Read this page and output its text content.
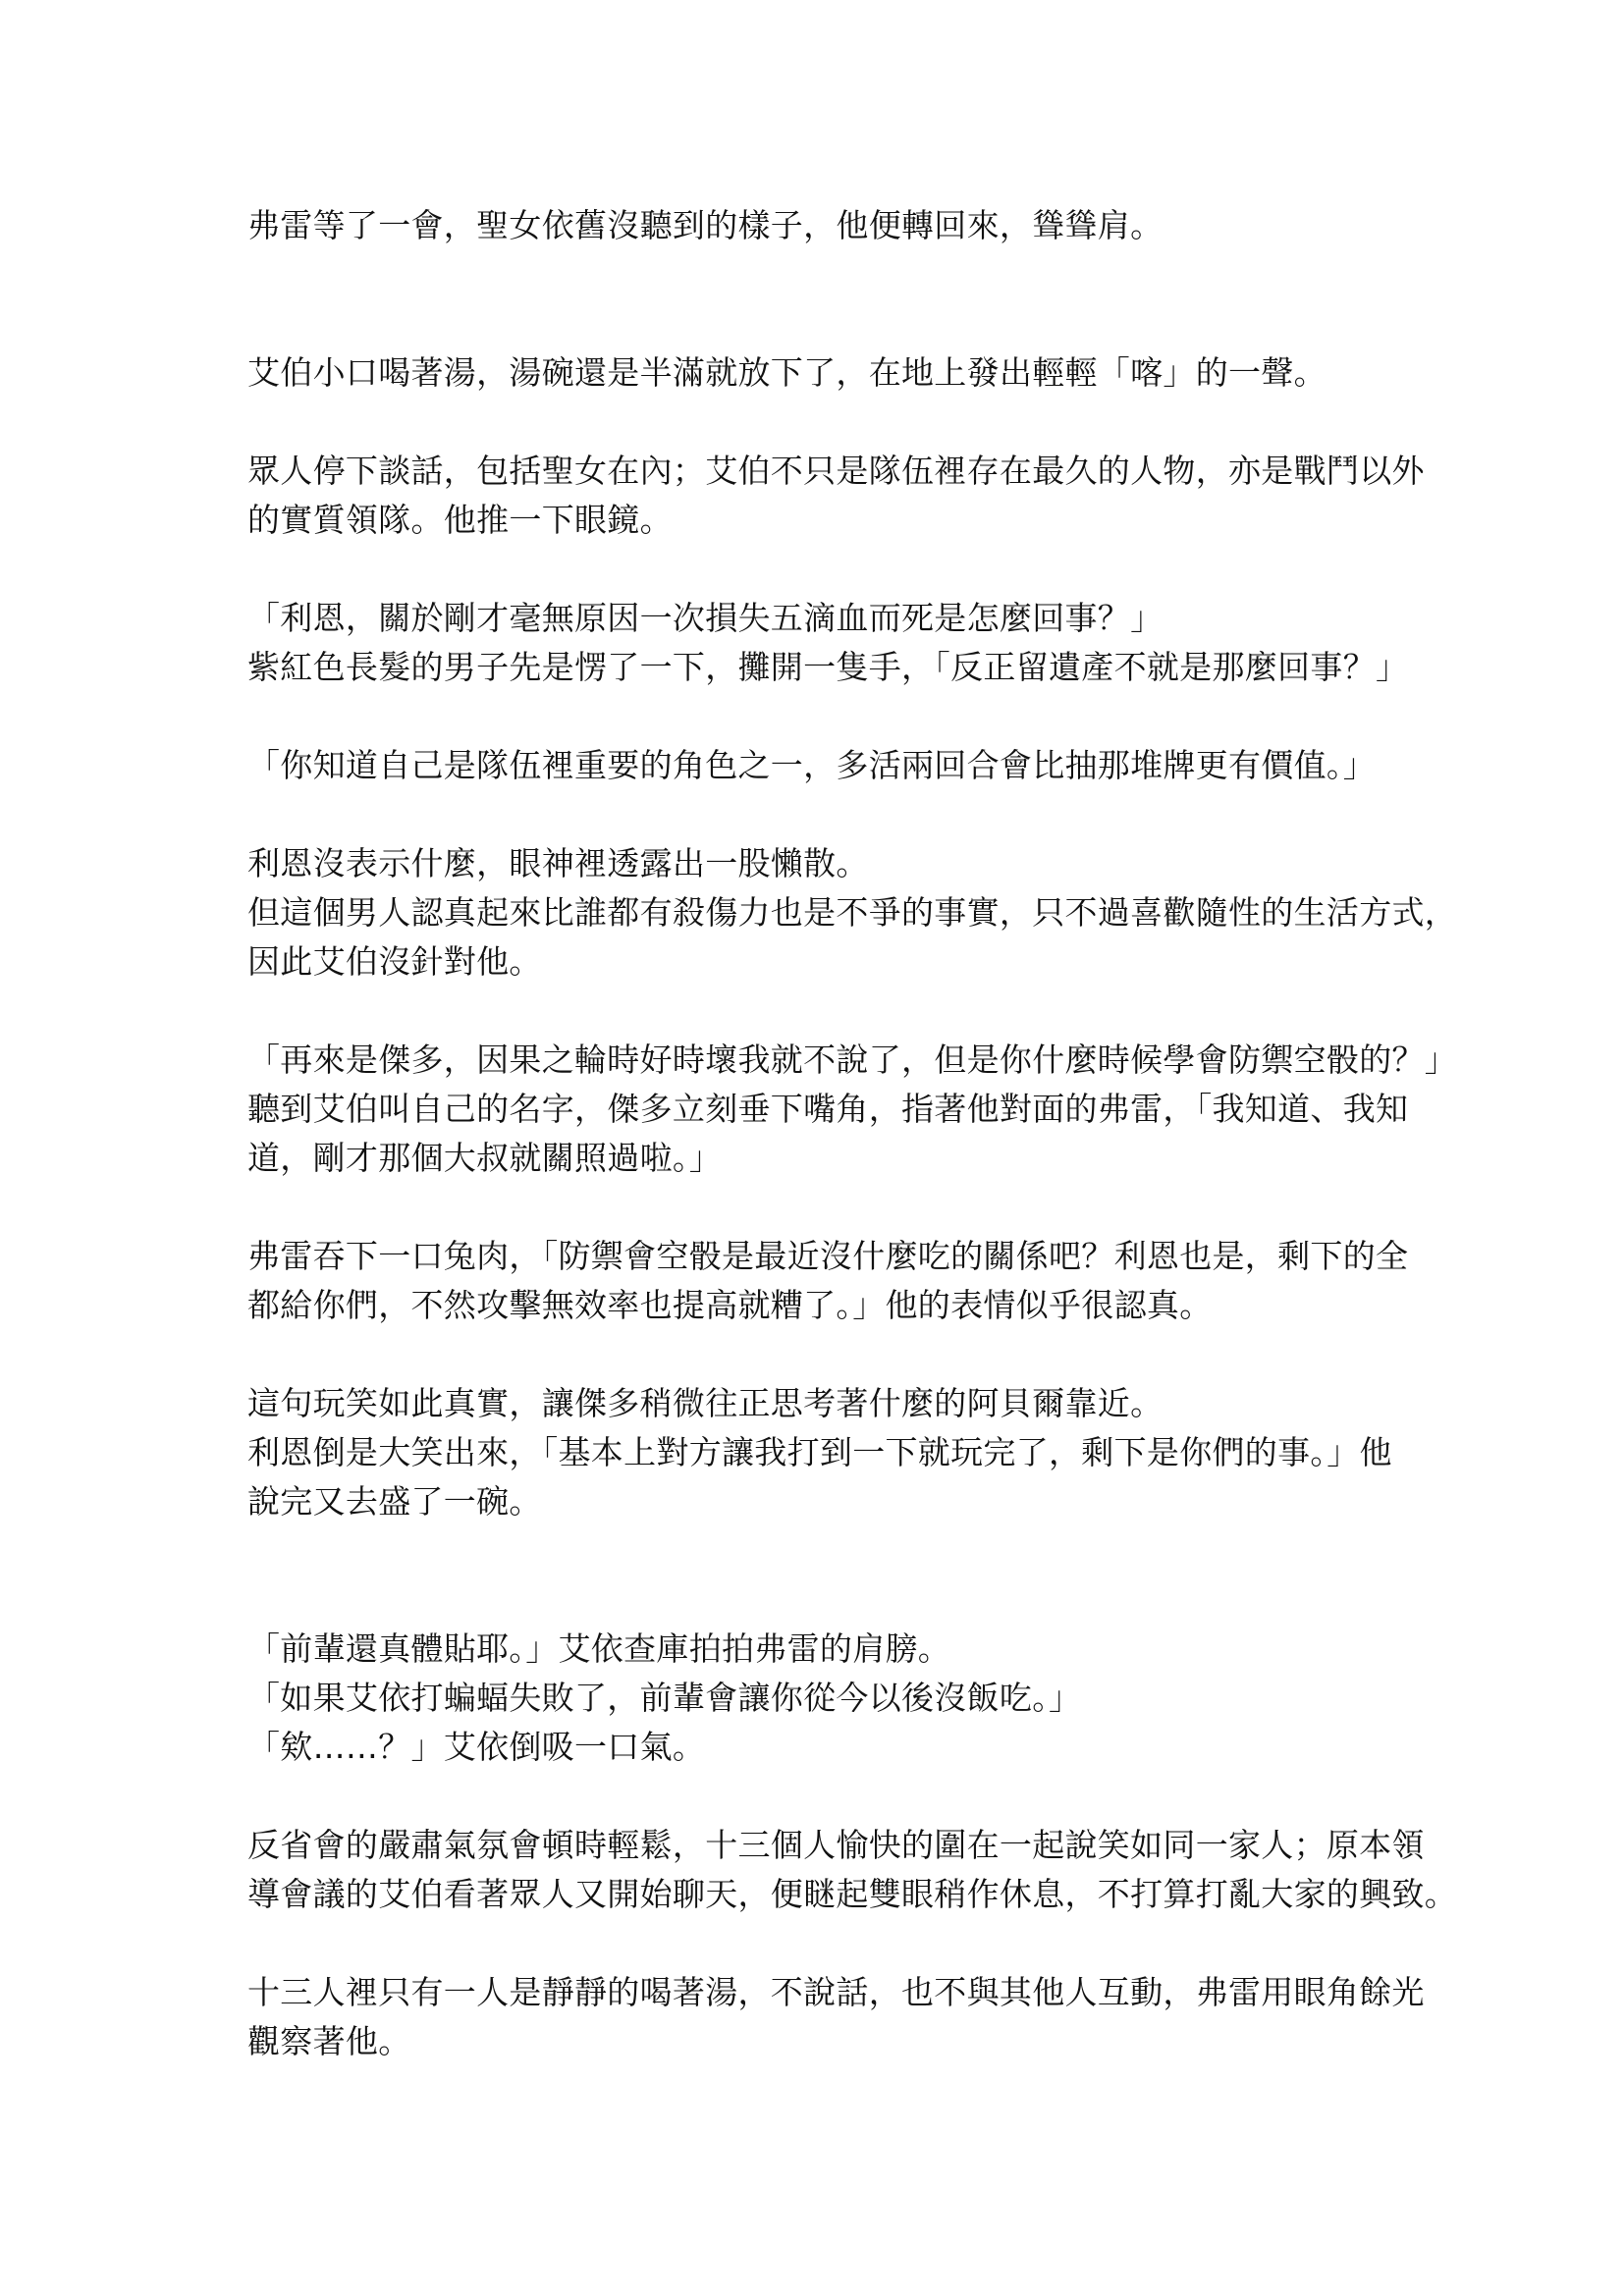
弗雷等了一會，聖女依舊沒聽到的樣子，他便轉回來，聳聳肩。

艾伯小口喝著湯，湯碗還是半滿就放下了，在地上發出輕輕「喀」的一聲。

眾人停下談話，包括聖女在內；艾伯不只是隊伍裡存在最久的人物，亦是戰鬥以外

的實質領隊。他推一下眼鏡。

「利恩，關於剛才毫無原因一次損失五滴血而死是怎麼回事？」

紫紅色長髮的男子先是愣了一下，攤開一隻手，「反正留遺產不就是那麼回事？」

「你知道自己是隊伍裡重要的角色之一，多活兩回合會比抽那堆牌更有價值。」

利恩沒表示什麼，眼神裡透露出一股懶散。

但這個男人認真起來比誰都有殺傷力也是不爭的事實，只不過喜歡隨性的生活方式，

因此艾伯沒針對他。

「再來是傑多，因果之輪時好時壞我就不說了，但是你什麼時候學會防禦空骰的？」

聽到艾伯叫自己的名字，傑多立刻垂下嘴角，指著他對面的弗雷，「我知道、我知

道，剛才那個大叔就關照過啦。」

弗雷吞下一口兔肉，「防禦會空骰是最近沒什麼吃的關係吧？利恩也是，剩下的全

都給你們，不然攻擊無效率也提高就糟了。」他的表情似乎很認真。

這句玩笑如此真實，讓傑多稍微往正思考著什麼的阿貝爾靠近。

利恩倒是大笑出來，「基本上對方讓我打到一下就玩完了，剩下是你們的事。」他

說完又去盛了一碗。

「前輩還真體貼耶。」艾依查庫拍拍弗雷的肩膀。

「如果艾依打蝙蝠失敗了，前輩會讓你從今以後沒飯吃。」

「欸……？」艾依倒吸一口氣。

反省會的嚴肅氣氛會頓時輕鬆，十三個人愉快的圍在一起說笑如同一家人；原本領

導會議的艾伯看著眾人又開始聊天，便瞇起雙眼稍作休息，不打算打亂大家的興致。

十三人裡只有一人是靜靜的喝著湯，不說話，也不與其他人互動，弗雷用眼角餘光

觀察著他。
